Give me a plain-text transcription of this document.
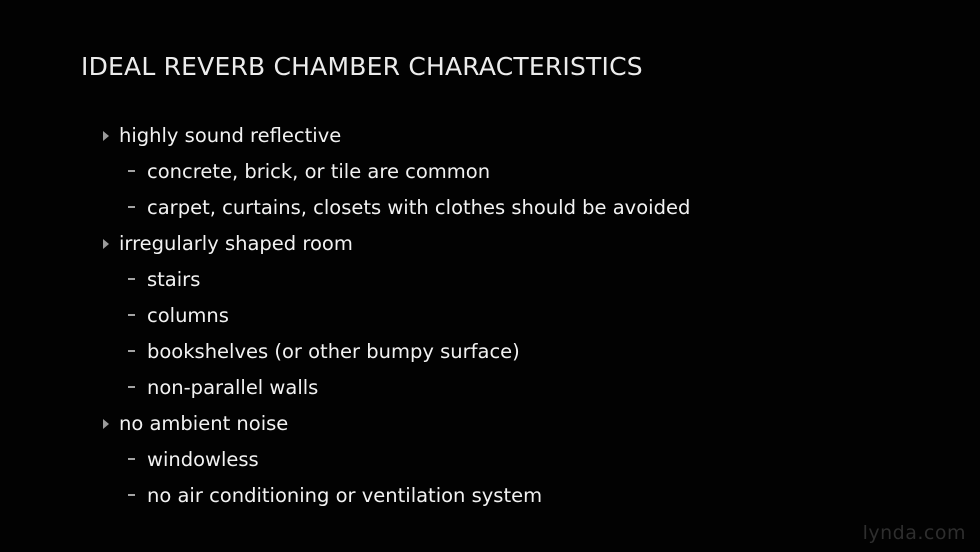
IDEAL REVERB CHAMBER CHARACTERISTICS
highly sound reflective
concrete, brick, or tile are common
carpet, curtains, closets with clothes should be avoided
irregularly shaped room
stairs
columns
bookshelves (or other bumpy surface)
non-parallel walls
no ambient noise
windowless
no air conditioning or ventilation system
lynda.com
